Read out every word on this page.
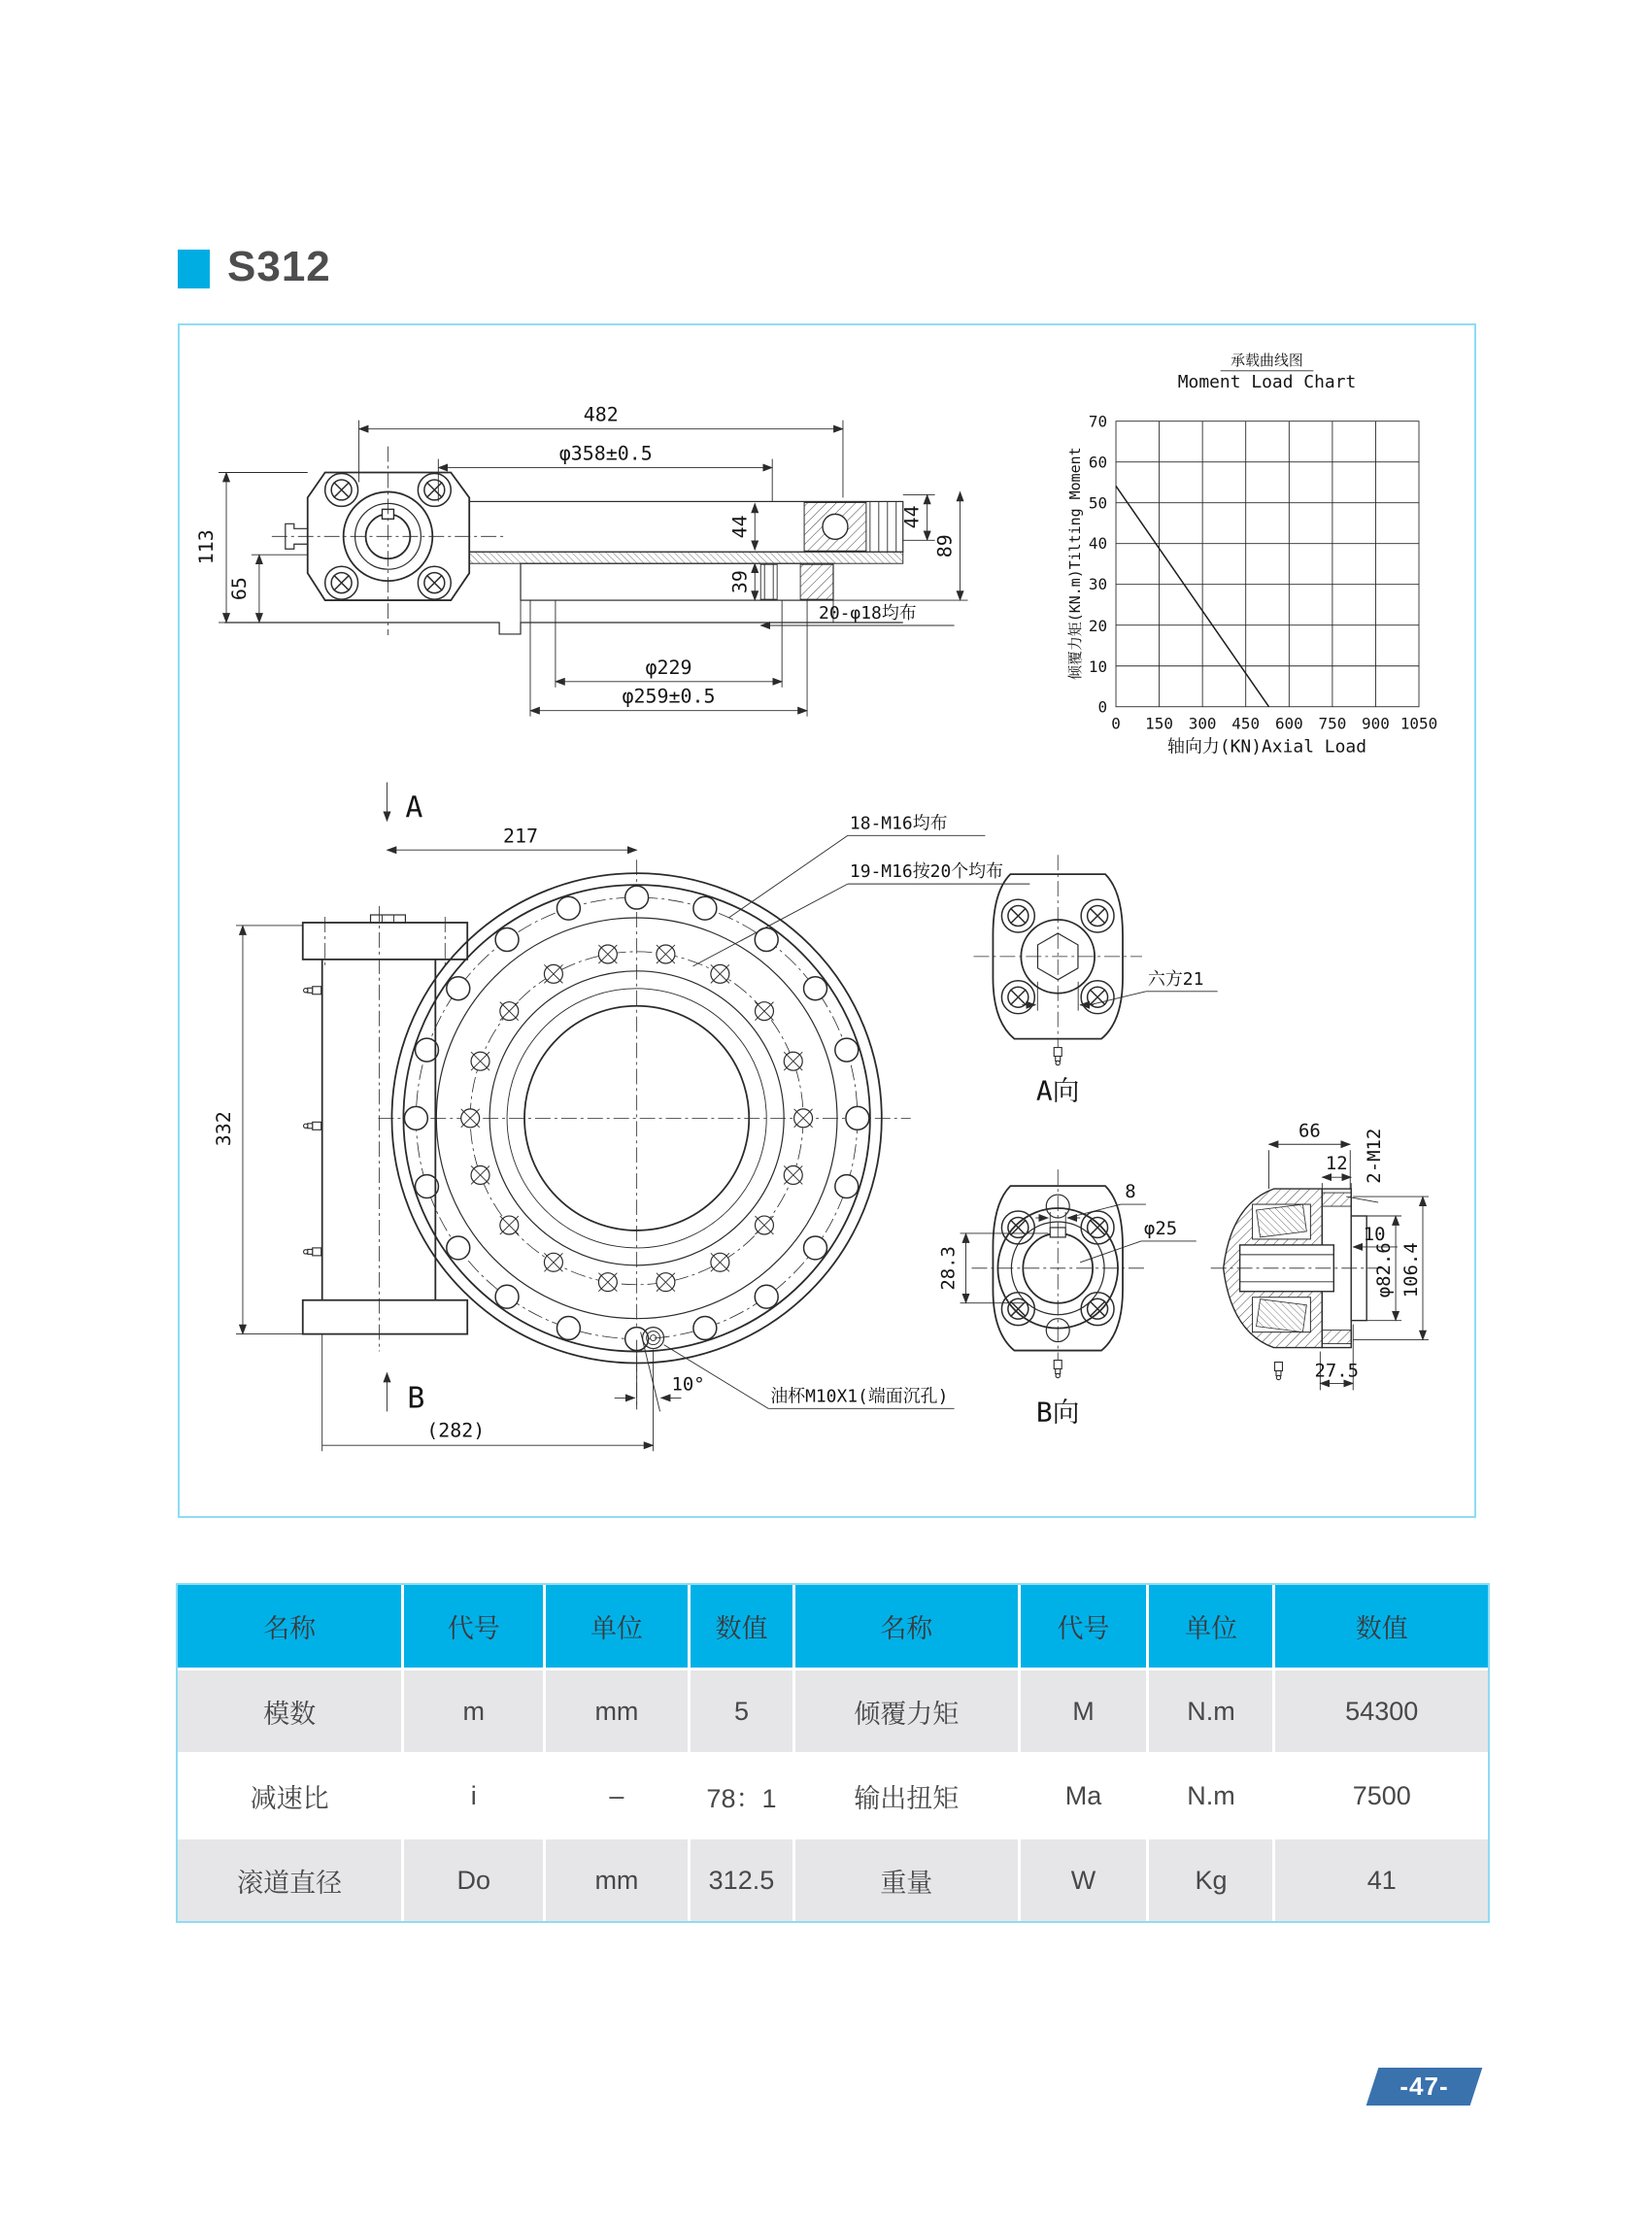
S312
482
φ358±0.5
113
65
44
39
44
89
20-φ18均布
φ229
φ259±0.5
承载曲线图
Moment Load Chart
70
60
50
40
30
20
10
0
0 150 300 450 600 750 900 1050
倾覆力矩(KN.m)Tilting Moment
轴向力(KN)Axial Load
10°
18-M16均布
19-M16按20个均布
油杯M10X1(端面沉孔)
A
B
217
332
(282)
六方21
A向
8
φ25
28.3
B向
66
12 2-M12
10
φ82.6 106.4
27.5
名称	代号	单位	数值	名称	代号	单位	数值
模数	m	mm	5	倾覆力矩	M	N.m	54300
减速比	i	–	78：1	输出扭矩	Ma	N.m	7500
滚道直径	Do	mm	312.5	重量	W	Kg	41
-47-
